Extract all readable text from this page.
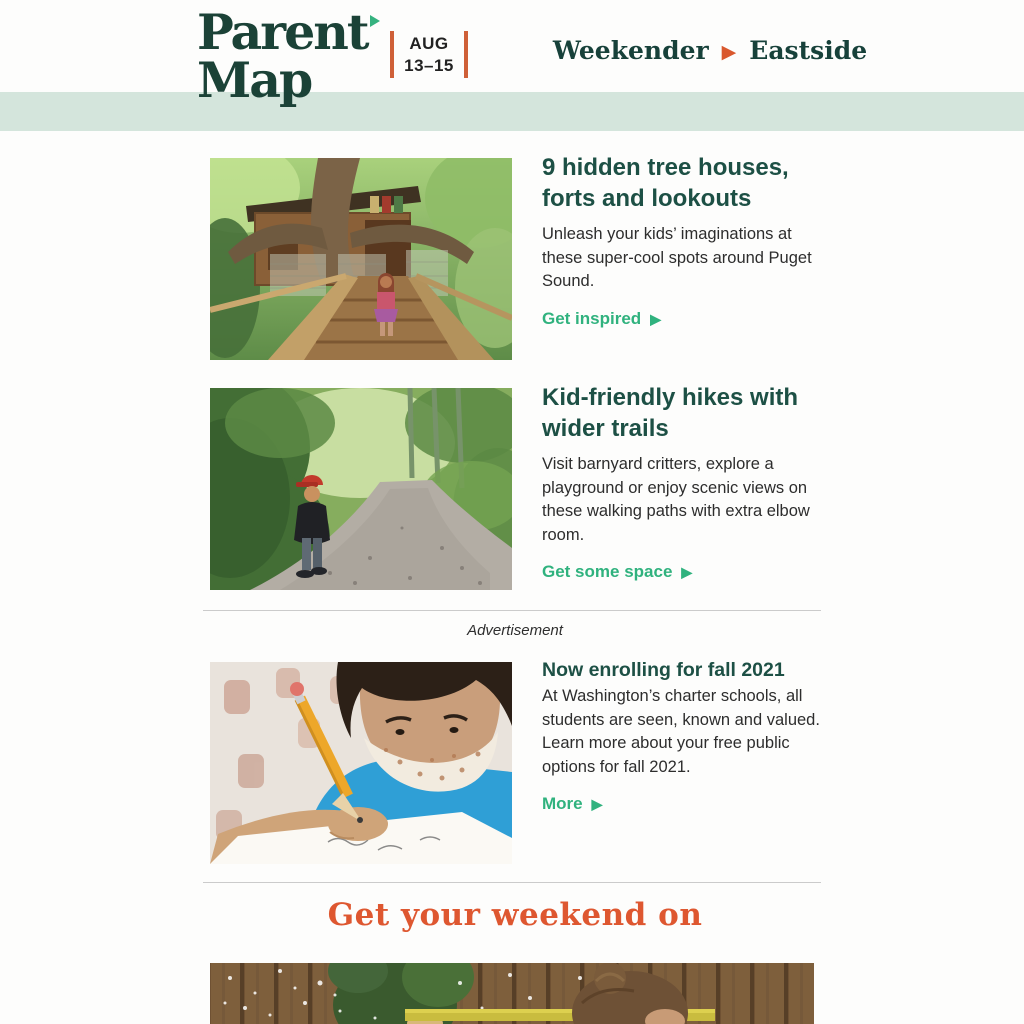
Parent

Map
AUG
13–15	Weekender ▶ Eastside
9 hidden tree houses, forts and lookouts

Unleash your kids’ imaginations at these super-cool spots around Puget Sound.

Get inspired ▶
Kid-friendly hikes with wider trails

Visit barnyard critters, explore a playground or enjoy scenic views on these walking paths with extra elbow room.

Get some space ▶
Advertisement
Now enrolling for fall 2021

At Washington’s charter schools, all students are seen, known and valued. Learn more about your free public options for fall 2021.

More ▶
Get your weekend on
